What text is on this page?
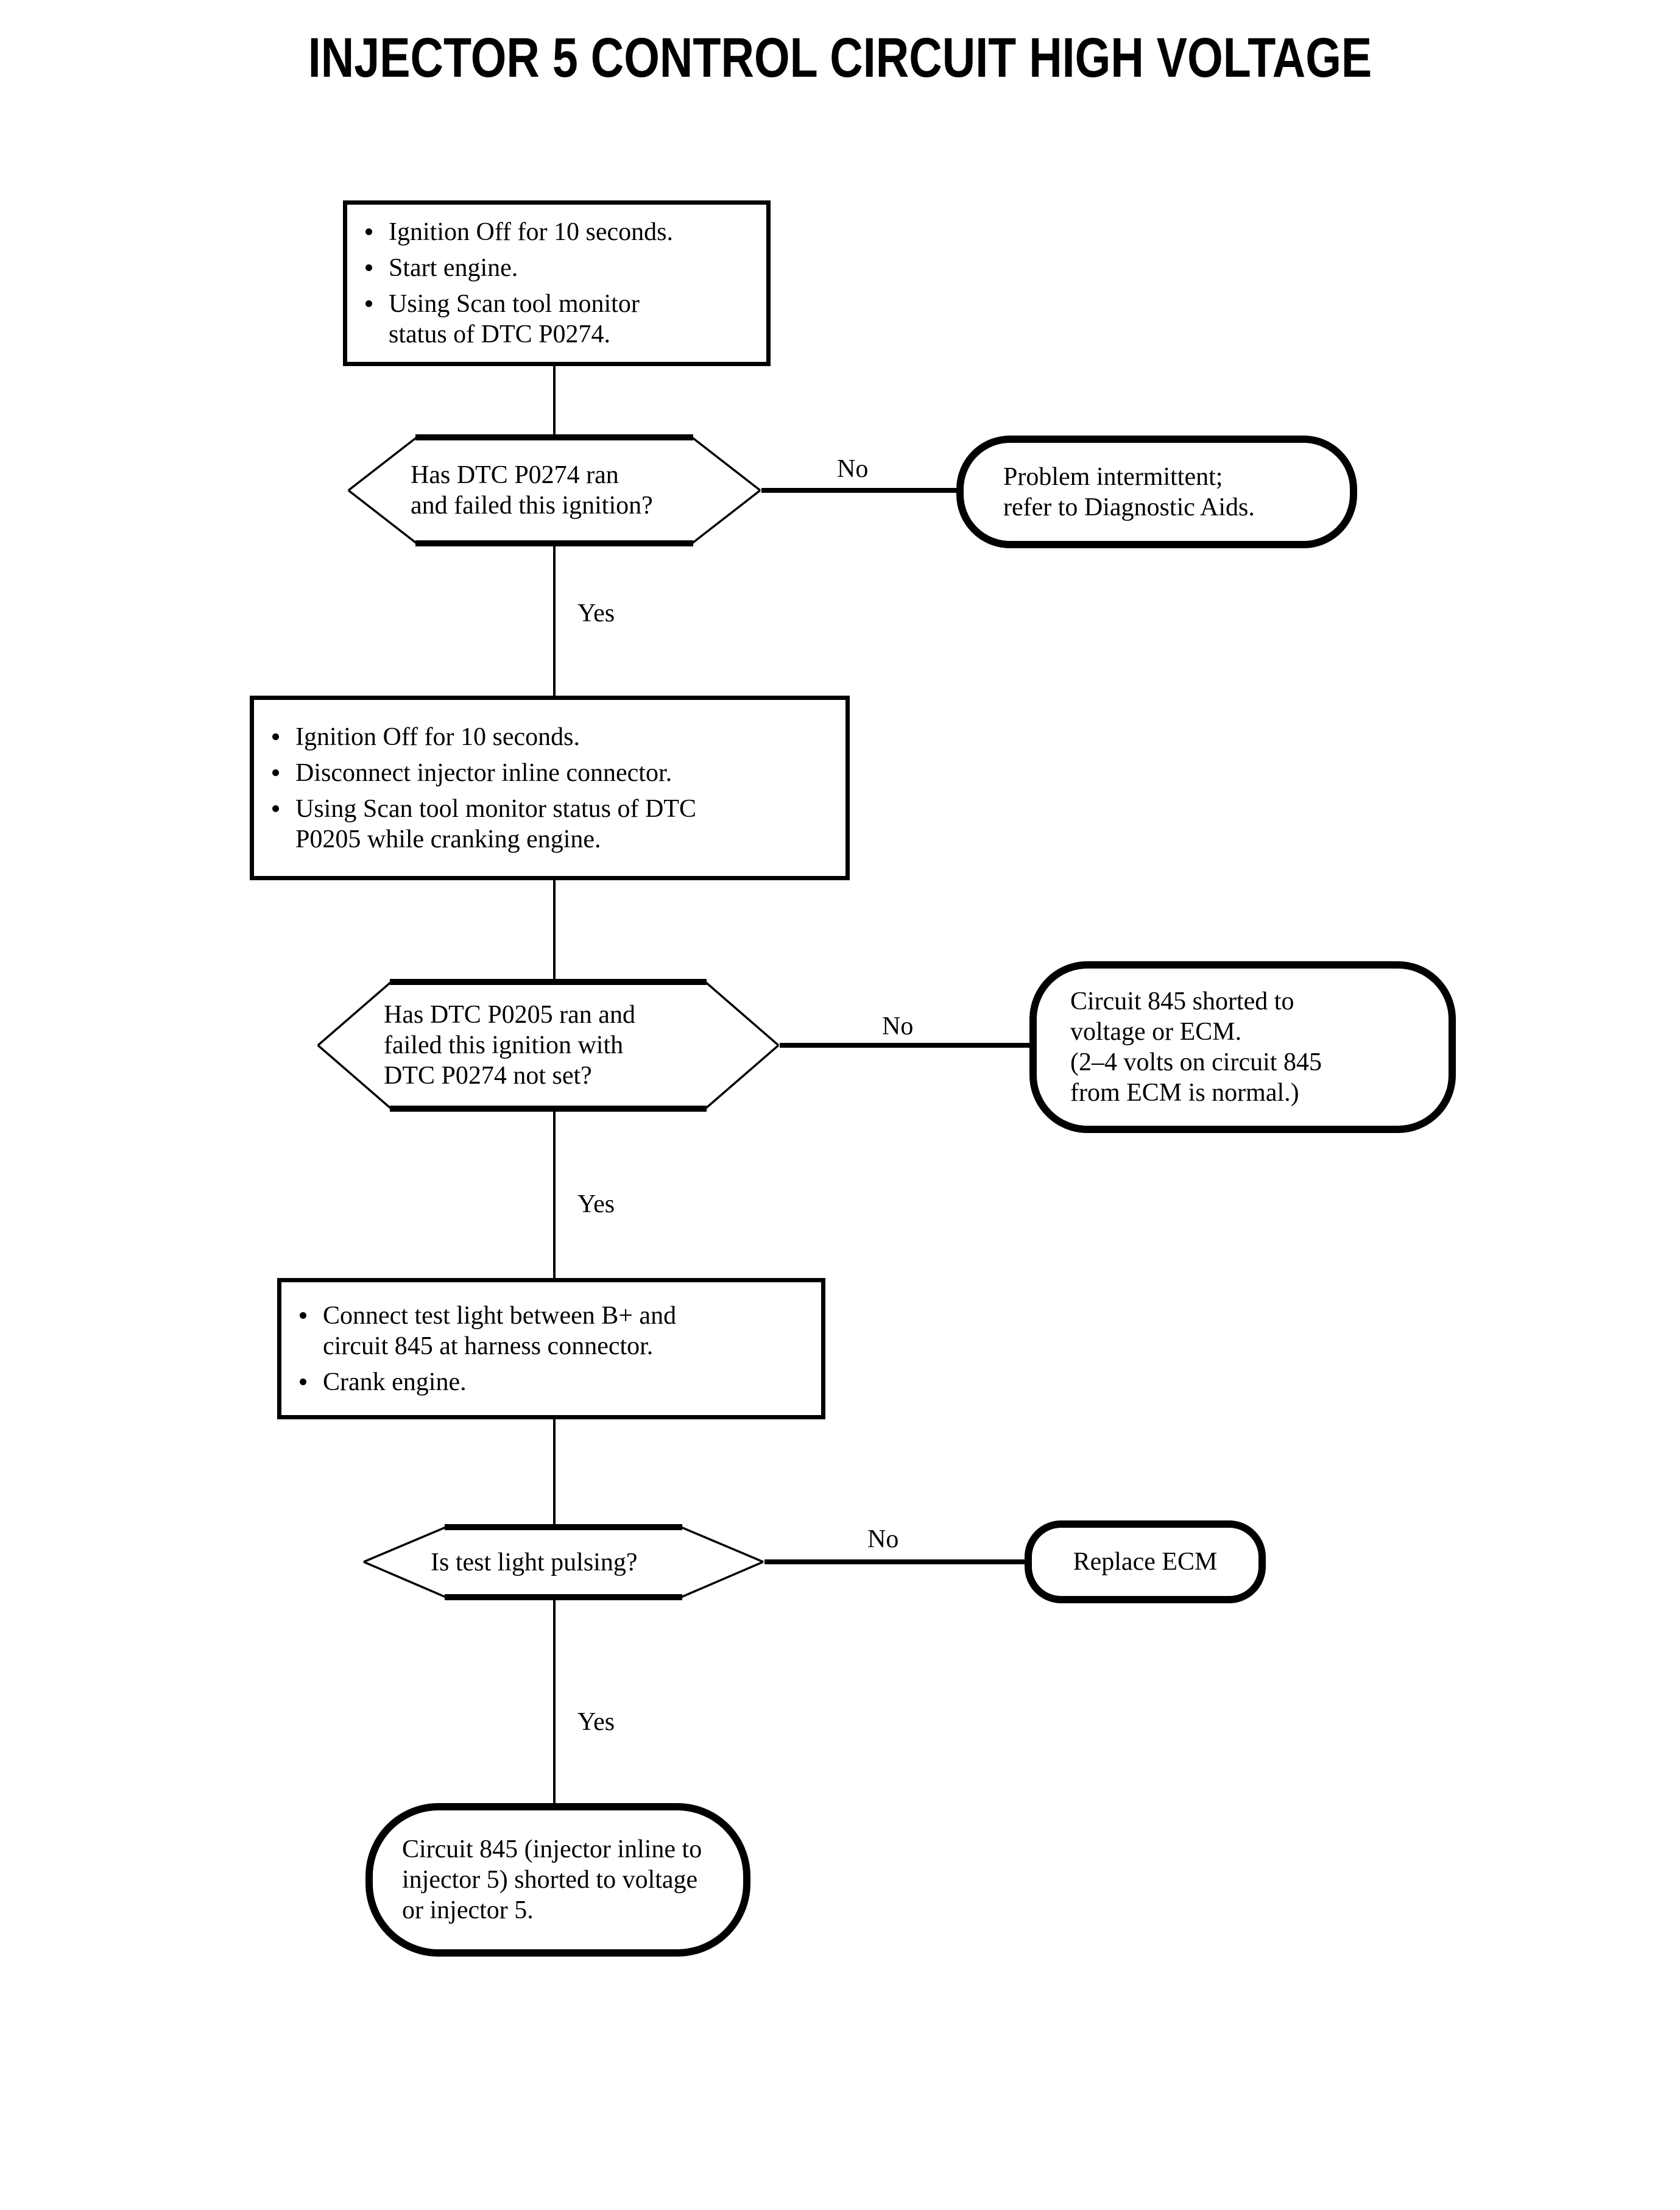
INJECTOR 5 CONTROL CIRCUIT HIGH VOLTAGE
Ignition Off for 10 seconds.
Start engine.
Using Scan tool monitor
status of DTC P0274.
Has DTC P0274 ran
and failed this ignition?
No	Problem intermittent;
refer to Diagnostic Aids.
Yes
Ignition Off for 10 seconds.
Disconnect injector inline connector.
Using Scan tool monitor status of DTC
P0205 while cranking engine.
Has DTC P0205 ran and
failed this ignition with
DTC P0274 not set?
No
Circuit 845 shorted to
voltage or ECM.
(2–4 volts on circuit 845
from ECM is normal.)
Yes
Connect test light between B+ and
circuit 845 at harness connector.
Crank engine.
Is test light pulsing?
No
Replace ECM
Yes
Circuit 845 (injector inline to
injector 5) shorted to voltage
or injector 5.
